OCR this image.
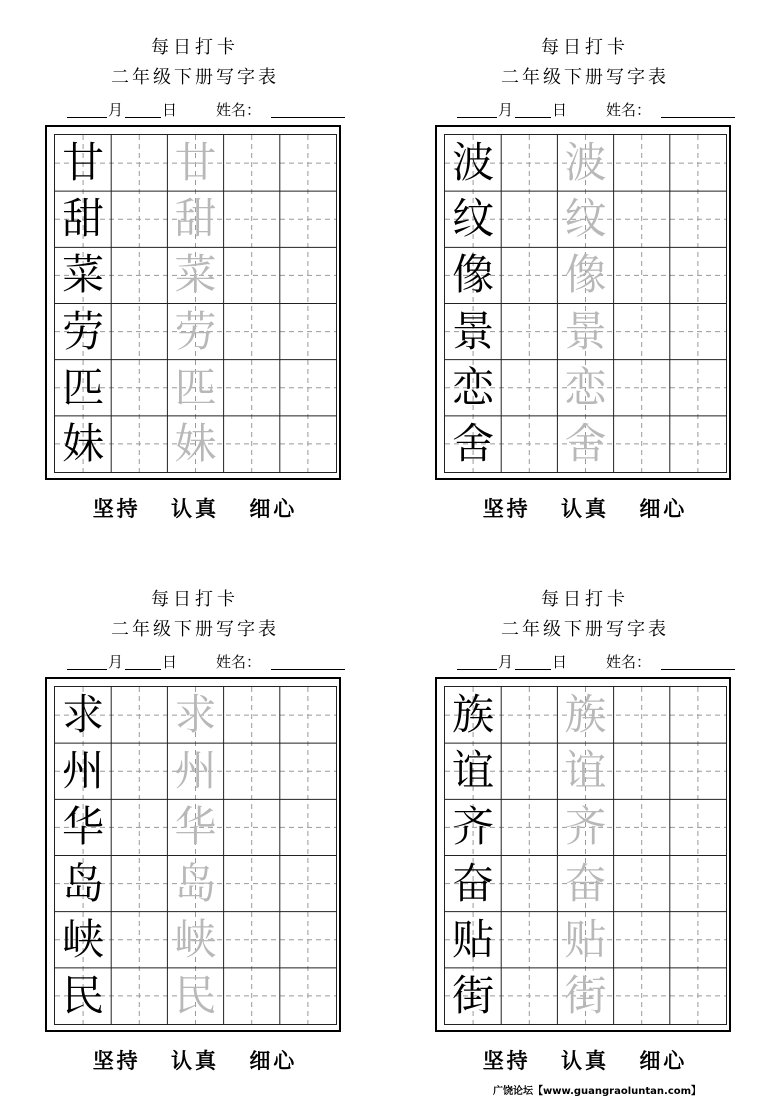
每日打卡
二年级下册写字表
月	日	姓名：
甘 甘
甜 甜
菜 菜
劳 劳
匹 匹
妹 妹
坚持 认真 细心
每日打卡
二年级下册写字表
月	日	姓名：
波 波
纹 纹
像 像
景 景
恋 恋
舍 舍
坚持 认真 细心
每日打卡
二年级下册写字表
月	日	姓名：
求 求
州 州
华 华
岛 岛
峡 峡
民 民
坚持 认真 细心
每日打卡
二年级下册写字表
月	日	姓名：
族 族
谊 谊
齐 齐
奋 奋
贴 贴
街 街
坚持 认真 细心
广饶论坛【www.guangraoluntan.com】
